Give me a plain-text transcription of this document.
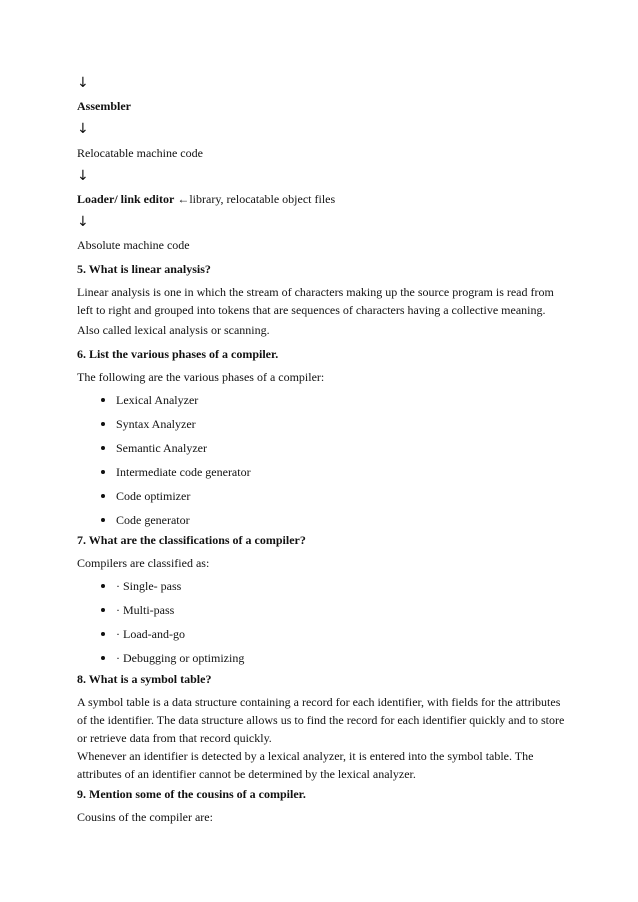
↓
Assembler
↓
Relocatable machine code
↓
Loader/ link editor ←library, relocatable object files
↓
Absolute machine code
5. What is linear analysis?

Linear analysis is one in which the stream of characters making up the source program is read from left to right and grouped into tokens that are sequences of characters having a collective meaning.

Also called lexical analysis or scanning.
6. List the various phases of a compiler.
The following are the various phases of a compiler:
Lexical Analyzer
Syntax Analyzer
Semantic Analyzer
Intermediate code generator
Code optimizer
Code generator
7. What are the classifications of a compiler?
Compilers are classified as:
· Single- pass
· Multi-pass
· Load-and-go
· Debugging or optimizing
8. What is a symbol table?

A symbol table is a data structure containing a record for each identifier, with fields for the attributes of the identifier. The data structure allows us to find the record for each identifier quickly and to store or retrieve data from that record quickly.

Whenever an identifier is detected by a lexical analyzer, it is entered into the symbol table. The attributes of an identifier cannot be determined by the lexical analyzer.

9. Mention some of the cousins of a compiler.
Cousins of the compiler are:
